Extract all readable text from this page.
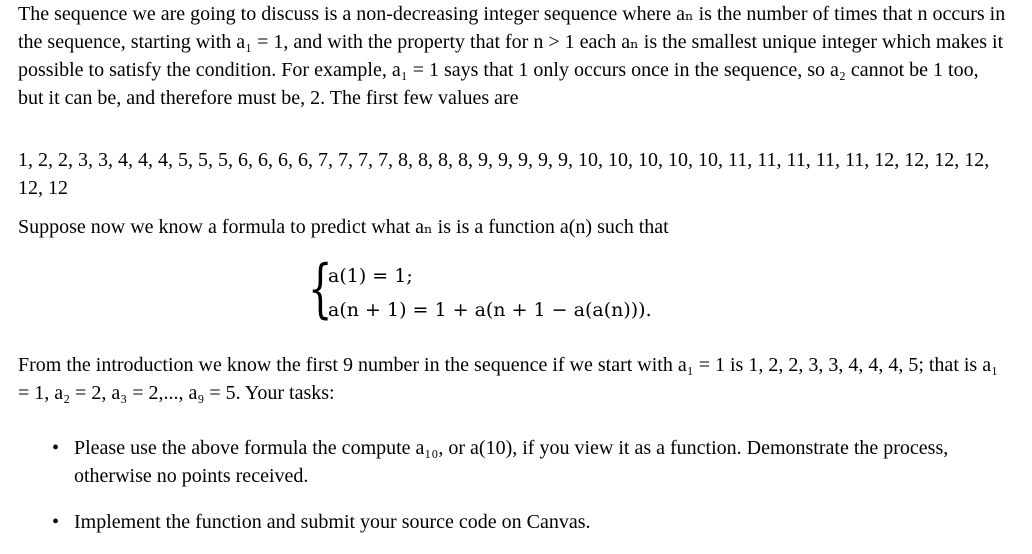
The sequence we are going to discuss is a non-decreasing integer sequence where aₙ is the number of times that n occurs in the sequence, starting with a₁ = 1, and with the property that for n > 1 each aₙ is the smallest unique integer which makes it possible to satisfy the condition. For example, a₁ = 1 says that 1 only occurs once in the sequence, so a₂ cannot be 1 too, but it can be, and therefore must be, 2. The first few values are

1, 2, 2, 3, 3, 4, 4, 4, 5, 5, 5, 6, 6, 6, 6, 7, 7, 7, 7, 8, 8, 8, 8, 9, 9, 9, 9, 9, 10, 10, 10, 10, 10, 11, 11, 11, 11, 11, 12, 12, 12, 12, 12, 12

Suppose now we know a formula to predict what aₙ is is a function a(n) such that

{
a(1) = 1;
a(n + 1) = 1 + a(n + 1 − a(a(n))).

From the introduction we know the first 9 number in the sequence if we start with a₁ = 1 is 1, 2, 2, 3, 3, 4, 4, 4, 5; that is a₁ = 1, a₂ = 2, a₃ = 2,..., a₉ = 5. Your tasks:

• Please use the above formula the compute a₁₀, or a(10), if you view it as a function. Demonstrate the process, otherwise no points received.
• Implement the function and submit your source code on Canvas.
